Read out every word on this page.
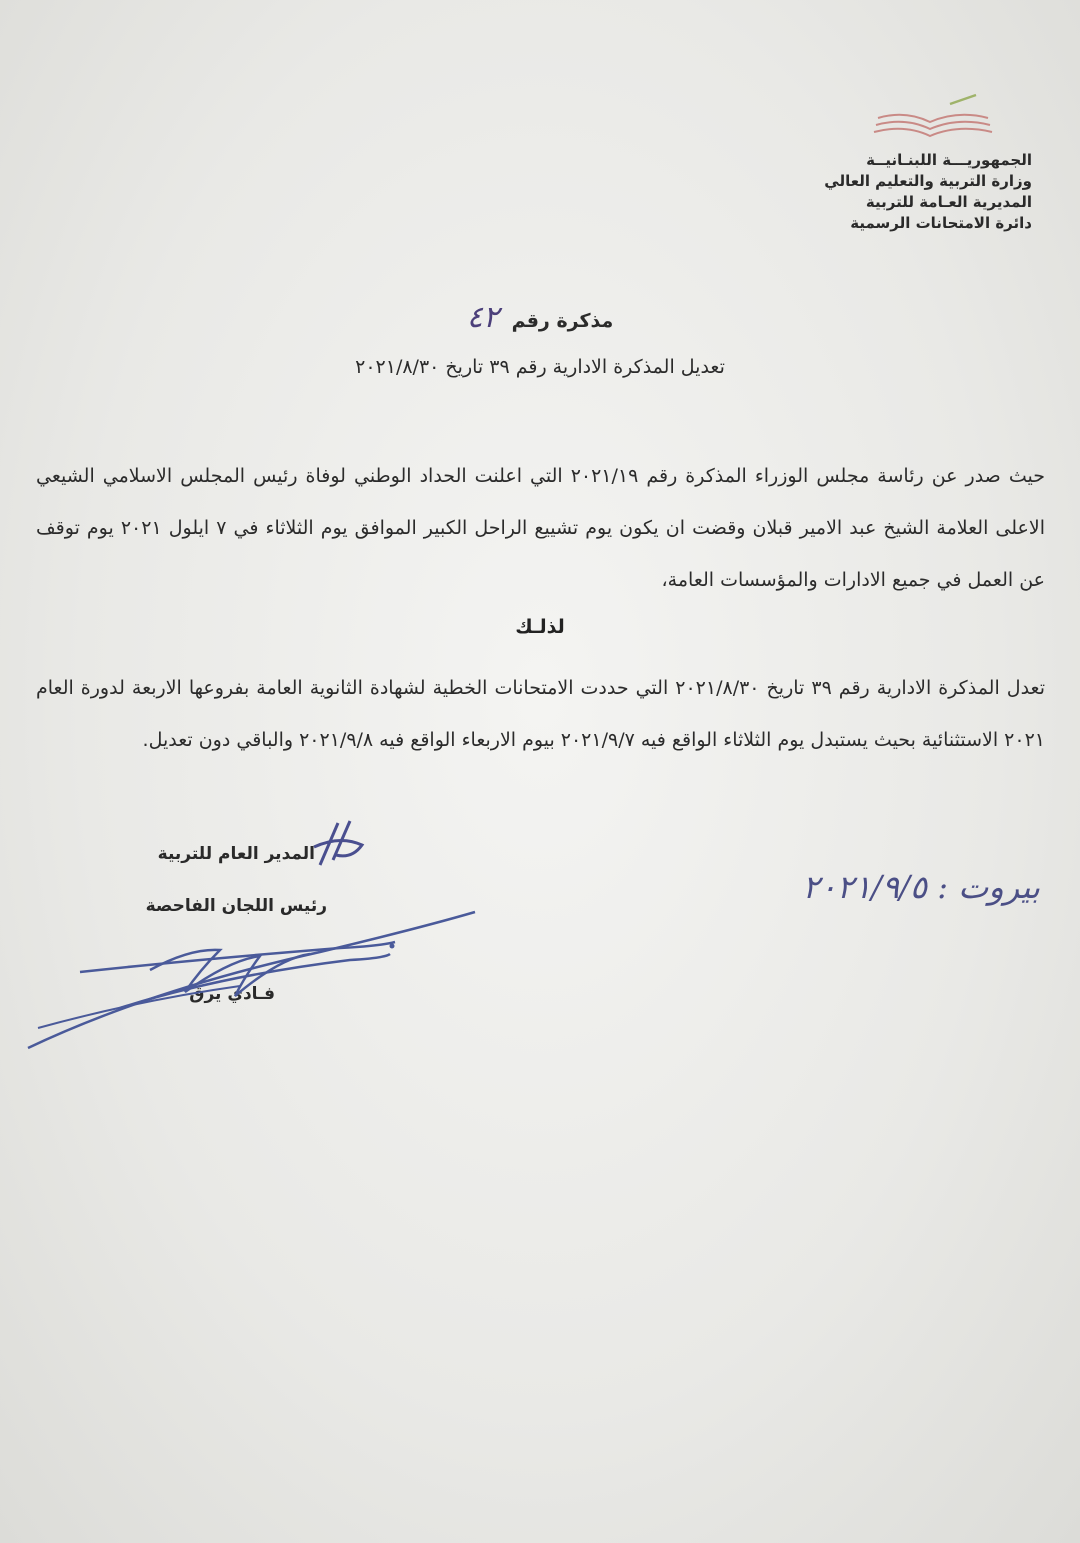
الجمهوريـــة اللبنـانيــة
وزارة التربية والتعليم العالي
المديرية العـامة للتربية
دائرة الامتحانات الرسمية
مذكرة رقم ٤٢
تعديل المذكرة الادارية رقم ٣٩ تاريخ ٢٠٢١/٨/٣٠
حيث صدر عن رئاسة مجلس الوزراء المذكرة رقم ٢٠٢١/١٩ التي اعلنت الحداد الوطني لوفاة رئيس المجلس الاسلامي الشيعي الاعلى العلامة الشيخ عبد الامير قبلان وقضت ان يكون يوم تشييع الراحل الكبير الموافق يوم الثلاثاء في ٧ ايلول ٢٠٢١ يوم توقف عن العمل في جميع الادارات والمؤسسات العامة،
لذلـك
تعدل المذكرة الادارية رقم ٣٩ تاريخ ٢٠٢١/٨/٣٠ التي حددت الامتحانات الخطية لشهادة الثانوية العامة بفروعها الاربعة لدورة العام ٢٠٢١ الاستثنائية بحيث يستبدل يوم الثلاثاء الواقع فيه ٢٠٢١/٩/٧ بيوم الاربعاء الواقع فيه ٢٠٢١/٩/٨ والباقي دون تعديل.
المدير العام للتربية
رئيس اللجان الفاحصة
فـادي يرق
بيروت : ٢٠٢١/٩/٥
